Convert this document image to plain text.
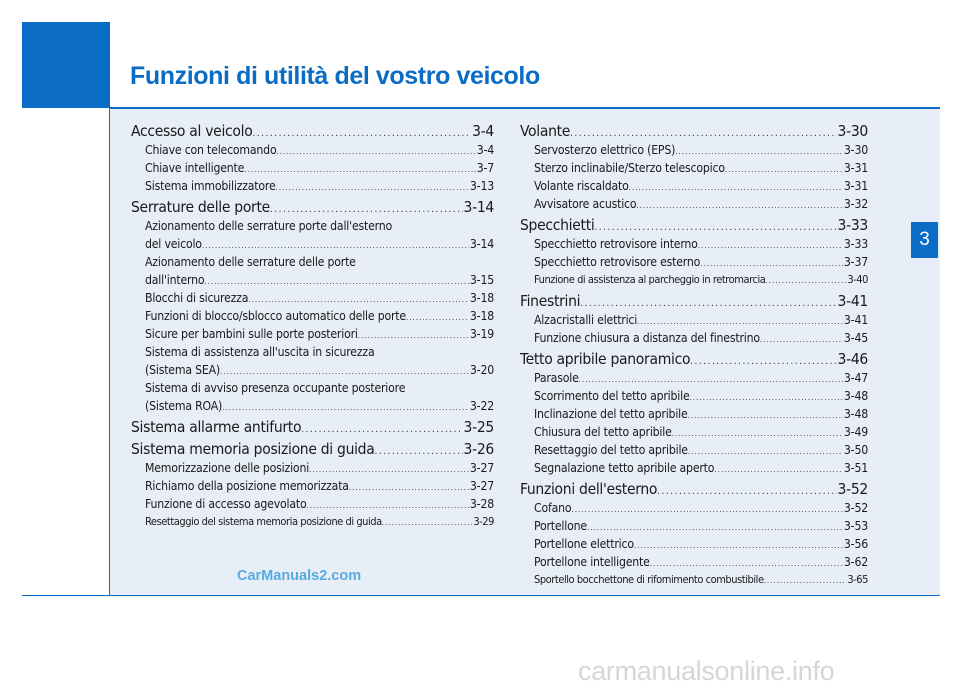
Funzioni di utilità del vostro veicolo
3
Accesso al veicolo .....	3-4
Chiave con telecomando .....	3-4
Chiave intelligente .....	3-7
Sistema immobilizzatore .....	3-13
Serrature delle porte .....	3-14
Azionamento delle serrature porte dall'esterno
del veicolo .....	3-14
Azionamento delle serrature delle porte
dall'interno .....	3-15
Blocchi di sicurezza .....	3-18
Funzioni di blocco/sblocco automatico delle porte .....	3-18
Sicure per bambini sulle porte posteriori .....	3-19
Sistema di assistenza all'uscita in sicurezza
(Sistema SEA) .....	3-20
Sistema di avviso presenza occupante posteriore
(Sistema ROA) .....	3-22
Sistema allarme antifurto .....	3-25
Sistema memoria posizione di guida .....	3-26
Memorizzazione delle posizioni .....	3-27
Richiamo della posizione memorizzata .....	3-27
Funzione di accesso agevolato .....	3-28
Resettaggio del sistema memoria posizione di guida .....	3-29
Volante .....	3-30
Servosterzo elettrico (EPS) .....	3-30
Sterzo inclinabile/Sterzo telescopico .....	3-31
Volante riscaldato .....	3-31
Avvisatore acustico .....	3-32
Specchietti .....	3-33
Specchietto retrovisore interno .....	3-33
Specchietto retrovisore esterno .....	3-37
Funzione di assistenza al parcheggio in retromarcia .....	3-40
Finestrini .....	3-41
Alzacristalli elettrici .....	3-41
Funzione chiusura a distanza del finestrino .....	3-45
Tetto apribile panoramico .....	3-46
Parasole .....	3-47
Scorrimento del tetto apribile .....	3-48
Inclinazione del tetto apribile .....	3-48
Chiusura del tetto apribile .....	3-49
Resettaggio del tetto apribile .....	3-50
Segnalazione tetto apribile aperto .....	3-51
Funzioni dell'esterno .....	3-52
Cofano .....	3-52
Portellone .....	3-53
Portellone elettrico .....	3-56
Portellone intelligente .....	3-62
Sportello bocchettone di rifornimento combustibile .....	3-65
CarManuals2.com
carmanualsonline.info
